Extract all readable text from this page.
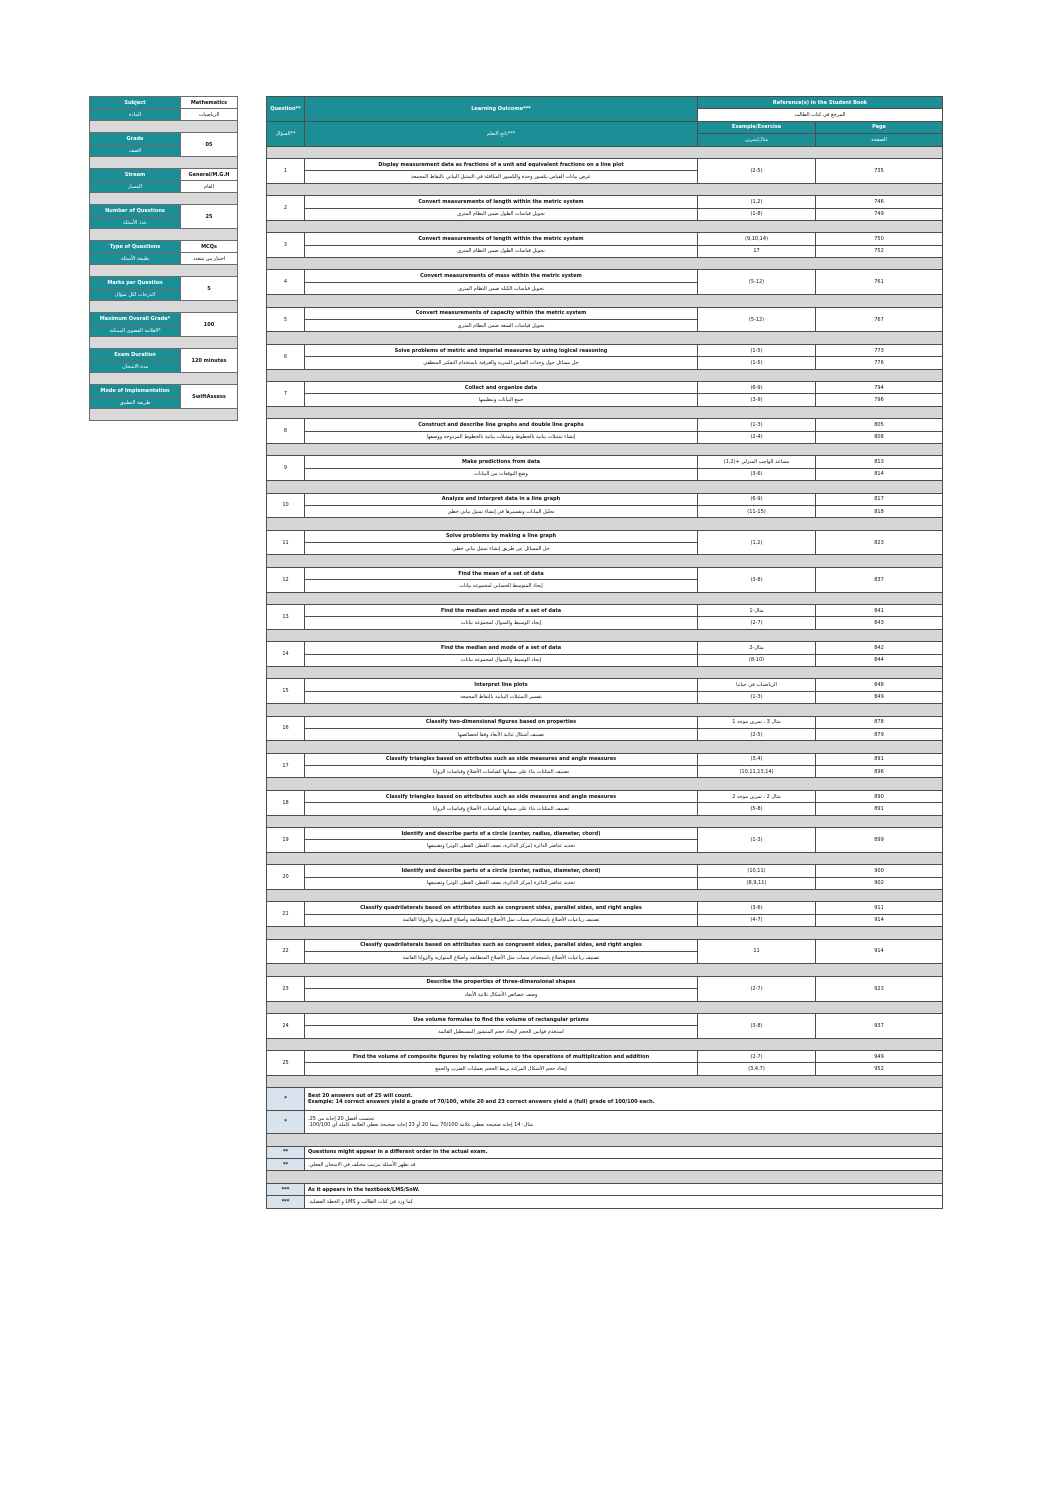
Subject	Mathematics
المادة	الرياضيات

Grade	05
الصف	

Stream	General/M.G.H
المسار	العام

Number of Questions	25
عدد الأسئلة	

Type of Questions	MCQs
طبيعة الأسئلة	اختيار من متعدد

Marks per Question	5
الدرجات لكل سؤال	

Maximum Overall Grade*	100
العلامة القصوى الممكنة*	

Exam Duration	120 minutes
مدة الامتحان	

Mode of Implementation	SwiftAssess
طريقة التطبيق	

Question**	Learning Outcome***	Reference(s) in the Student Book	
		المرجع في كتاب الطالب	
السؤال**	ناتج التعلم***	Example/Exercise	Page
		مثال/تمرين	الصفحة

1	Display measurement data as fractions of a unit and equivalent fractions on a line plot	(2-5)	735
	عرض بيانات القياس بكسور وحدة والكسور المكافئة في التمثيل البياني بالنقاط المجمعة		

2	Convert measurements of length within the metric system	(1,2)	746
	تحويل قياسات الطول ضمن النظام المتري	(1-8)	749

3	Convert measurements of length within the metric system	(9,10,14)	750
	تحويل قياسات الطول ضمن النظام المتري	17	752

4	Convert measurements of mass within the metric system	(5-12)	761
	تحويل قياسات الكتلة ضمن النظام المتري		

5	Convert measurements of capacity within the metric system	(5-12)	767
	تحويل قياسات السعة ضمن النظام المتري		

6	Solve problems of metric and imperial measures by using logical reasoning	(1-5)	773
	حل مسائل حول وحدات القياس المترية والعرفية باستخدام التفكير المنطقي	(1-5)	776

7	Collect and organize data	(6-9)	794
	جمع البيانات وتنظيمها	(3-9)	796

8	Construct and describe line graphs and double line graphs	(1-3)	805
	إنشاء تمثيلات بيانية بالخطوط وتمثيلات بيانية بالخطوط المزدوجة ووصفها	(2-4)	808

9	Make predictions from data	مساعد الواجب المنزلي +(1,2)	813
	وضع التوقعات من البيانات	(3-6)	814

10	Analyze and interpret data in a line graph	(6-9)	817
	تحليل البيانات وتفسيرها في إنشاء تمثيل بياني خطي	(11-15)	818

11	Solve problems by making a line graph	(1,2)	823
	حل المسائل عن طريق إنشاء تمثيل بياني خطي		

12	Find the mean of a set of data	(3-8)	837
	إيجاد المتوسط الحسابي لمجموعة بيانات		

13	Find the median and mode of a set of data	مثال-1	841
	إيجاد الوسيط والمنوال لمجموعة بيانات	(2-7)	843

14	Find the median and mode of a set of data	مثال-2	842
	إيجاد الوسيط والمنوال لمجموعة بيانات	(8-10)	844

15	Interpret line plots	الرياضيات في حياتنا	848
	تفسير التمثيلات البيانية بالنقاط المجمعة	(1-3)	849

16	Classify two-dimensional figures based on properties	مثال 3 ، تمرين موجه 1	878
	تصنيف أشكال ثنائية الأبعاد وفقا لخصائصها	(2-5)	879

17	Classify triangles based on attributes such as side measures and angle measures	(3,4)	891
	تصنيف المثلثات بناء على سماتها كقياسات الأضلاع وقياسات الزوايا	(10,11,13,14)	896

18	Classify triangles based on attributes such as side measures and angle measures	مثال 2 ، تمرين موجه 2	890
	تصنيف المثلثات بناء على سماتها كقياسات الأضلاع وقياسات الزوايا	(5-8)	891

19	Identify and describe parts of a circle (center, radius, diameter, chord)	(1-3)	899
	تحديد عناصر الدائرة (مركز الدائرة، نصف القطر، القطر، الوتر) وتصنيفها		

20	Identify and describe parts of a circle (center, radius, diameter, chord)	(10,11)	900
	تحديد عناصر الدائرة (مركز الدائرة، نصف القطر، القطر، الوتر) وتصنيفها	(8,9,11)	902

21	Classify quadrilaterals based on attributes such as congruent sides, parallel sides, and right angles	(3-6)	911
	تصنيف رباعيات الأضلاع باستخدام سمات مثل الأضلاع المتطابقة وأضلاع المتوازية والزوايا القائمة	(4-7)	914

22	Classify quadrilaterals based on attributes such as congruent sides, parallel sides, and right angles	11	914
	تصنيف رباعيات الأضلاع باستخدام سمات مثل الأضلاع المتطابقة وأضلاع المتوازية والزوايا القائمة		

23	Describe the properties of three-dimensional shapes	(2-7)	923
	وصف خصائص الأشكال ثلاثية الأبعاد		

24	Use volume formulas to find the volume of rectangular prisms	(3-8)	937
	استخدم قوانين الحجم لإيجاد حجم المنشور المستطيل القائمة		

25	Find the volume of composite figures by relating volume to the operations of multiplication and addition	(2-7)	949
	إيجاد حجم الأشكال المركبة بربط الحجم بعمليات الضرب والجمع	(3,4,7)	952

*	Best 20 answers out of 25 will count.
Example: 14 correct answers yield a grade of 70/100, while 20 and 23 correct answers yield a (full) grade of 100/100 each.		

*	تحتسب أفضل 20 إجابة من 25.
مثال: 14 إجابة صحيحة تعطي علامة 70/100 بينما 20 أو 23 إجابة صحيحة تعطي العلامة كاملة أي 100/100.		

**	Questions might appear in a different order in the actual exam.		
**	قد تظهر الأسئلة بترتيب مختلف في الامتحان الفعلي.		

***	As it appears in the textbook/LMS/SoW.		
***	كما ورد في كتاب الطالب و LMS و الخطة الفصلية.		
